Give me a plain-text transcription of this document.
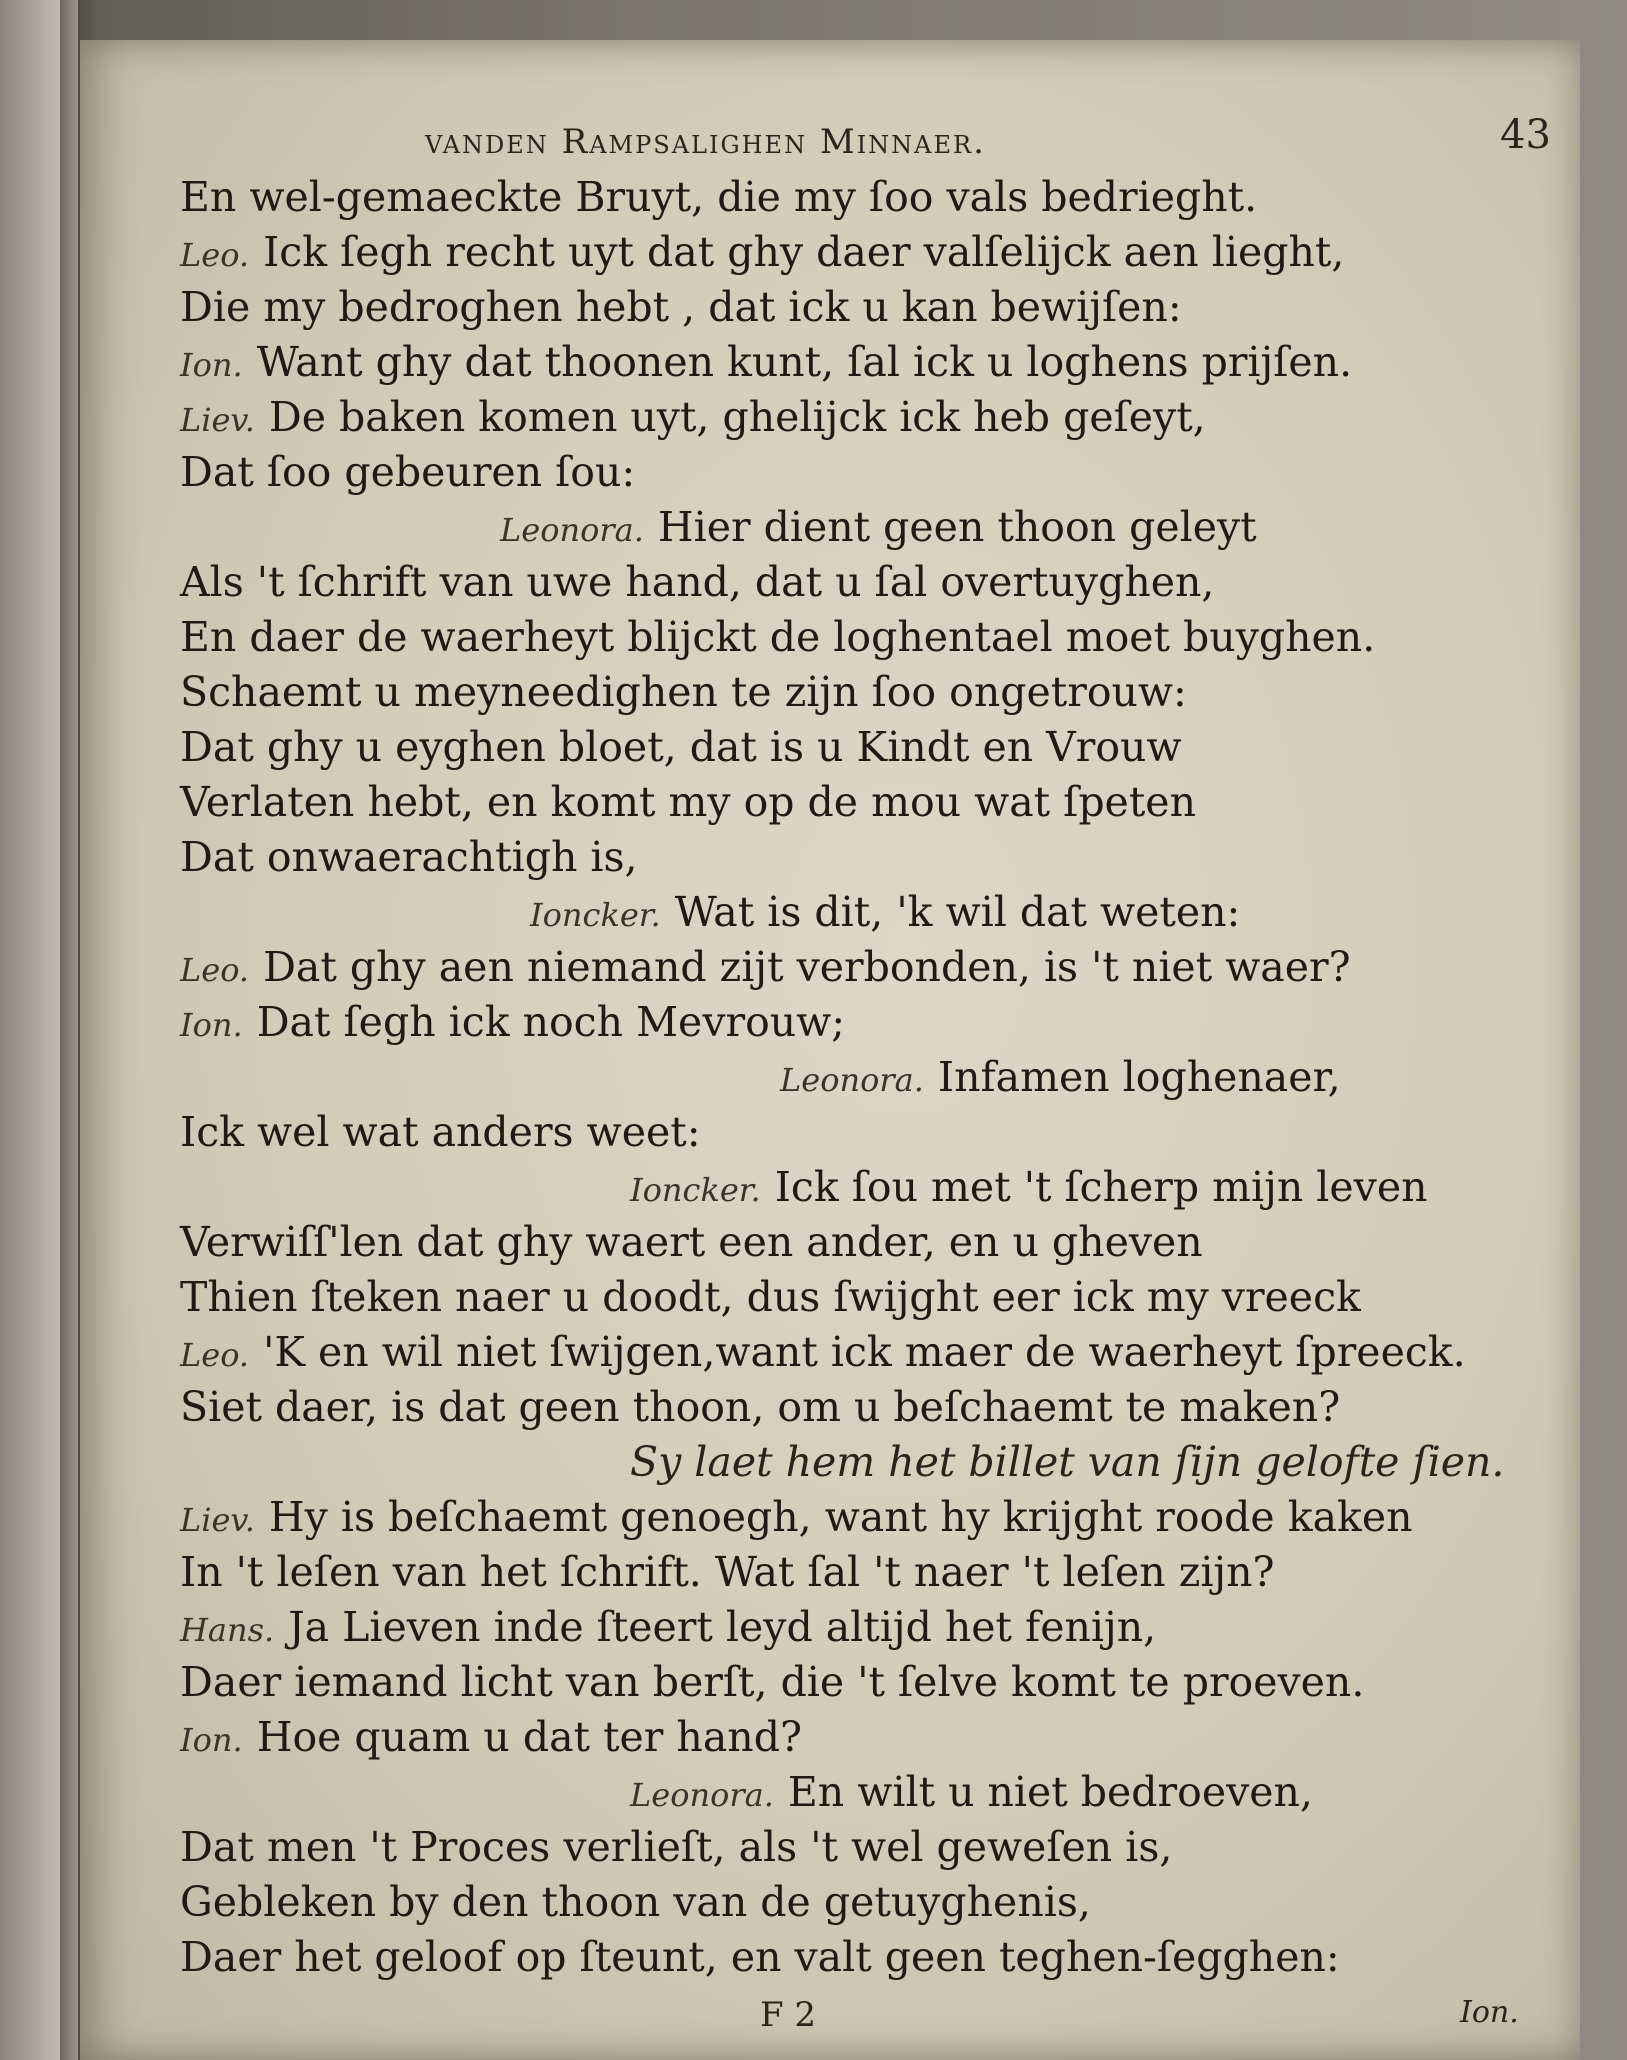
vanden Rampsalighen Minnaer.	43
En wel-gemaeckte Bruyt, die my ſoo vals bedrieght.
Leo. Ick ſegh recht uyt dat ghy daer valſelijck aen lieght,
Die my bedroghen hebt , dat ick u kan bewijſen:
Ion. Want ghy dat thoonen kunt, ſal ick u loghens prijſen.
Liev. De baken komen uyt, ghelijck ick heb geſeyt,
Dat ſoo gebeuren ſou:
Leonora. Hier dient geen thoon geleyt
Als 't ſchrift van uwe hand, dat u ſal overtuyghen,
En daer de waerheyt blijckt de loghentael moet buyghen.
Schaemt u meyneedighen te zijn ſoo ongetrouw:
Dat ghy u eyghen bloet, dat is u Kindt en Vrouw
Verlaten hebt, en komt my op de mou wat ſpeten
Dat onwaerachtigh is,
Ioncker. Wat is dit, 'k wil dat weten:
Leo. Dat ghy aen niemand zijt verbonden, is 't niet waer?
Ion. Dat ſegh ick noch Mevrouw;
Leonora. Infamen loghenaer,
Ick wel wat anders weet:
Ioncker. Ick ſou met 't ſcherp mijn leven
Verwiſſ'len dat ghy waert een ander, en u gheven
Thien ſteken naer u doodt, dus ſwijght eer ick my vreeck
Leo. 'K en wil niet ſwijgen,want ick maer de waerheyt ſpreeck.
Siet daer, is dat geen thoon, om u beſchaemt te maken?
Sy laet hem het billet van ſijn gelofte ſien.
Liev. Hy is beſchaemt genoegh, want hy krijght roode kaken
In 't leſen van het ſchrift. Wat ſal 't naer 't leſen zijn?
Hans. Ja Lieven inde ſteert leyd altijd het fenijn,
Daer iemand licht van berſt, die 't ſelve komt te proeven.
Ion. Hoe quam u dat ter hand?
Leonora. En wilt u niet bedroeven,
Dat men 't Proces verlieſt, als 't wel geweſen is,
Gebleken by den thoon van de getuyghenis,
Daer het geloof op ſteunt, en valt geen teghen-ſegghen:
F 2	Ion.
